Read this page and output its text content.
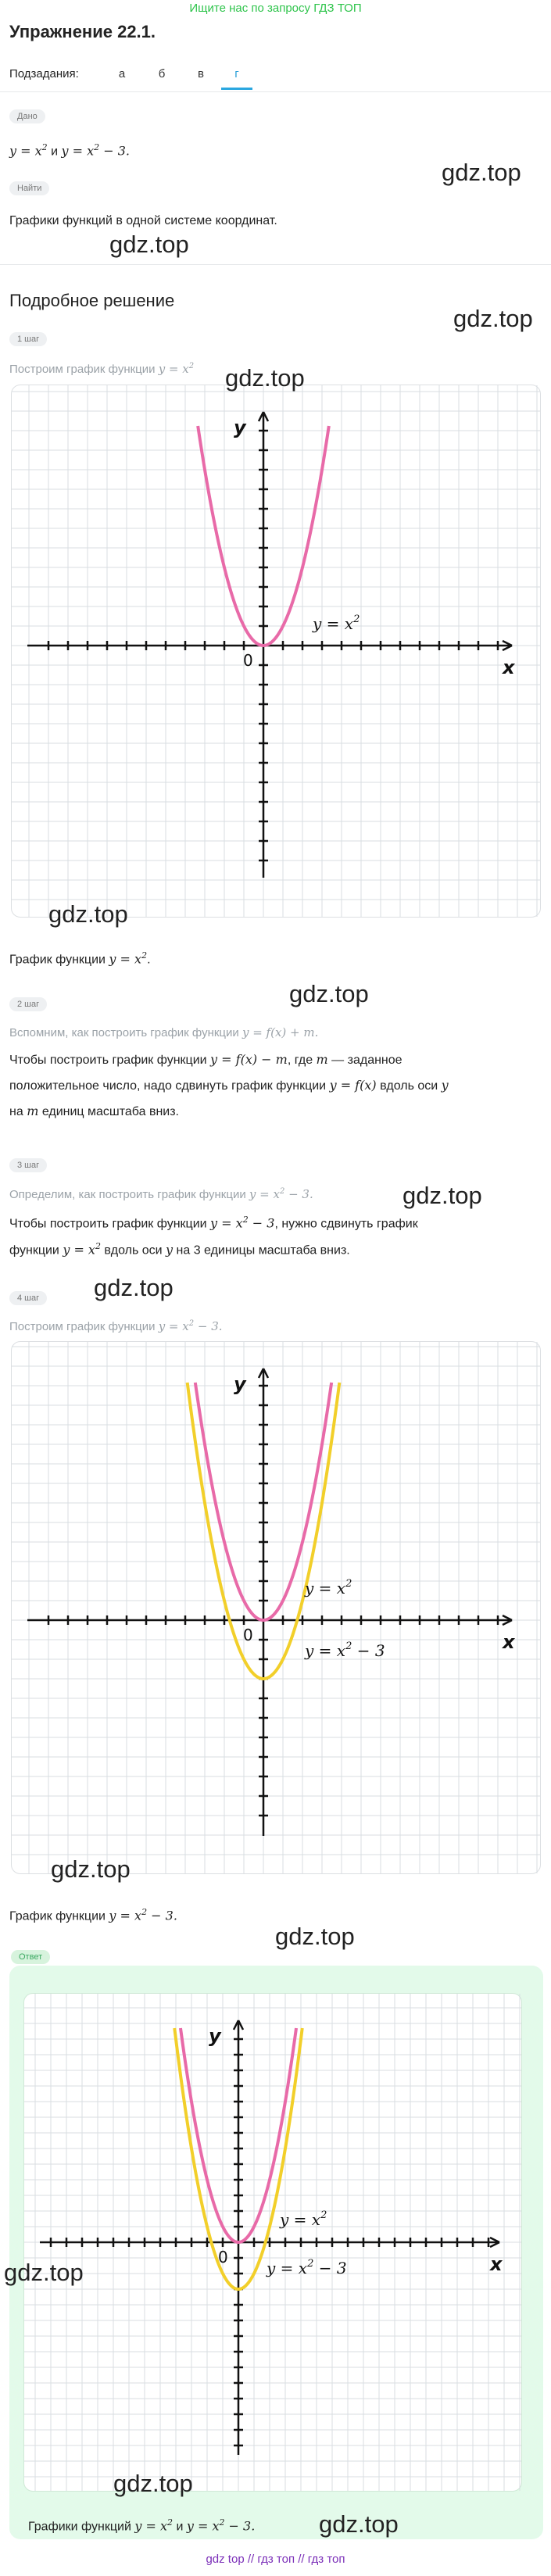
Ищите нас по запросу ГДЗ ТОП
Упражнение 22.1.
Подзадания:	а	б	в	г
Дано
$y = x^2$ и $y = x^2 - 3$.
Найти
Графики функций в одной системе координат.
Подробное решение
1 шаг
Построим график функции $y = x^2$
y
x
0
$y = x^2$
График функции $y = x^2$.
2 шаг
Вспомним, как построить график функции y = f(x) + m.
Чтобы построить график функции y = f(x) − m, где m — заданное
положительное число, надо сдвинуть график функции y = f(x) вдоль оси y
на m единиц масштаба вниз.
3 шаг
Определим, как построить график функции $y = x^2 - 3$.
Чтобы построить график функции $y = x^2 - 3$, нужно сдвинуть график
функции $y = x^2$ вдоль оси y на 3 единицы масштаба вниз.
4 шаг
Построим график функции $y = x^2 - 3$.
y
x
0
$y = x^2$
$y = x^2 - 3$
График функции $y = x^2 - 3$.
Ответ
y
x
0
$y = x^2$
$y = x^2 - 3$
Графики функций $y = x^2$ и $y = x^2 - 3$.
gdz.top
gdz.top
gdz.top
gdz.top
gdz.top
gdz.top
gdz.top
gdz.top
gdz.top
gdz.top
gdz.top
gdz.top
gdz.top
gdz top // гдз топ // гдз топ
